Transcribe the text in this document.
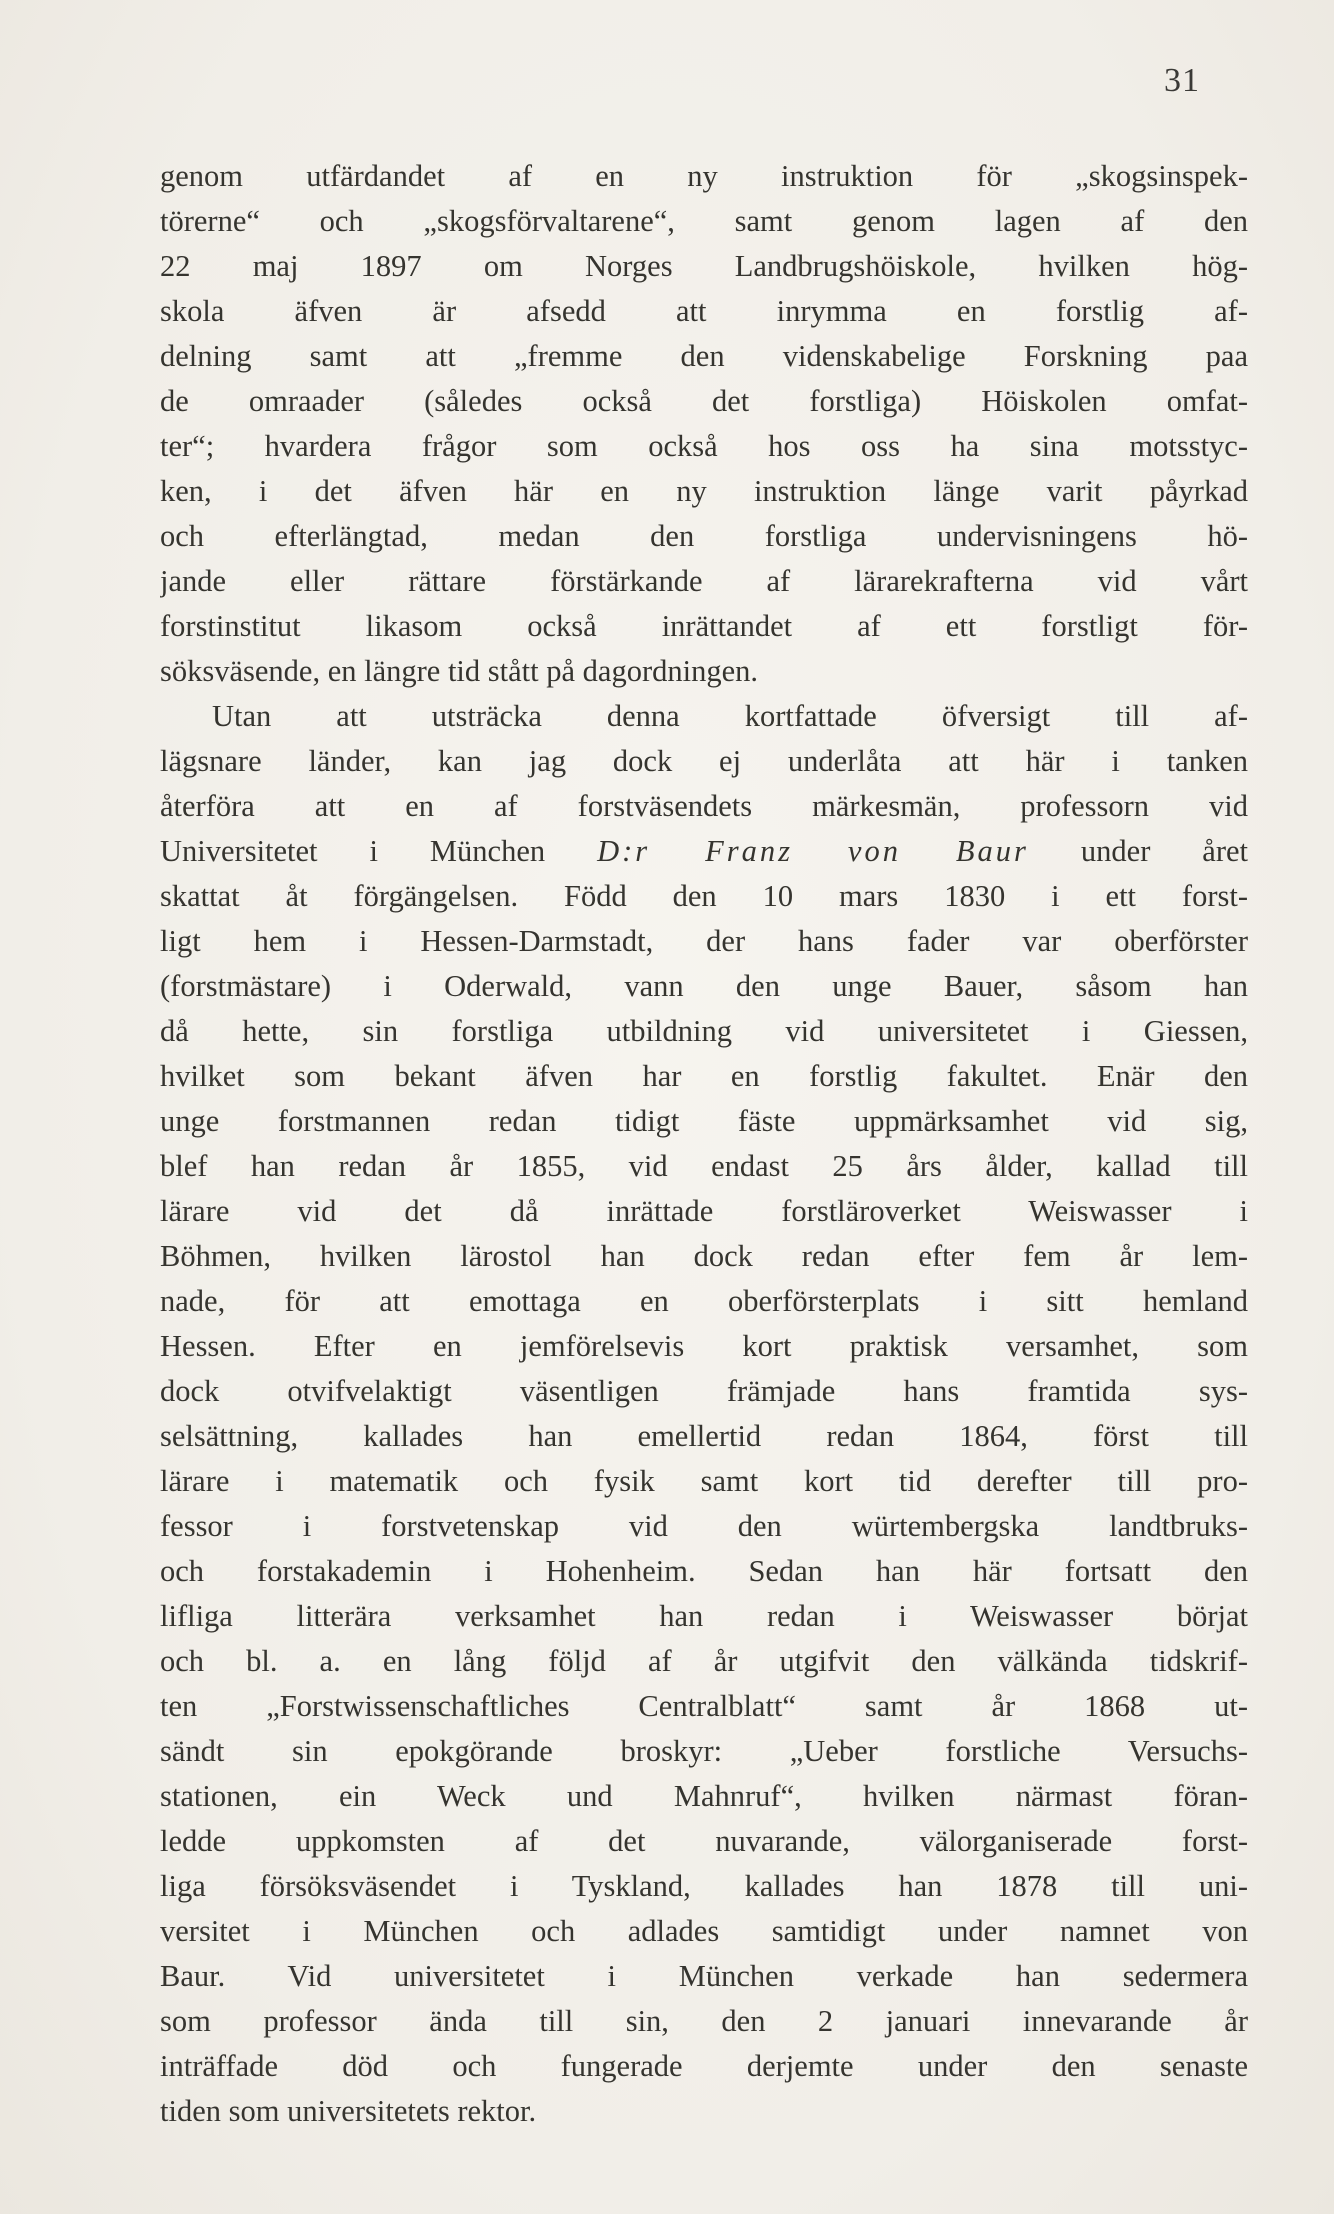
31
genom utfärdandet af en ny instruktion för „skogsinspek-
törerne“ och „skogsförvaltarene“, samt genom lagen af den
22 maj 1897 om Norges Landbrugshöiskole, hvilken hög-
skola äfven är afsedd att inrymma en forstlig af-
delning samt att „fremme den videnskabelige Forskning paa
de omraader (således också det forstliga) Höiskolen omfat-
ter“; hvardera frågor som också hos oss ha sina motsstyc-
ken, i det äfven här en ny instruktion länge varit påyrkad
och efterlängtad, medan den forstliga undervisningens hö-
jande eller rättare förstärkande af lärarekrafterna vid vårt
forstinstitut likasom också inrättandet af ett forstligt för-
söksväsende, en längre tid stått på dagordningen.
Utan att utsträcka denna kortfattade öfversigt till af-
lägsnare länder, kan jag dock ej underlåta att här i tanken
återföra att en af forstväsendets märkesmän, professorn vid
Universitetet i München D:r Franz von Baur under året
skattat åt förgängelsen. Född den 10 mars 1830 i ett forst-
ligt hem i Hessen-Darmstadt, der hans fader var oberförster
(forstmästare) i Oderwald, vann den unge Bauer, såsom han
då hette, sin forstliga utbildning vid universitetet i Giessen,
hvilket som bekant äfven har en forstlig fakultet. Enär den
unge forstmannen redan tidigt fäste uppmärksamhet vid sig,
blef han redan år 1855, vid endast 25 års ålder, kallad till
lärare vid det då inrättade forstläroverket Weiswasser i
Böhmen, hvilken lärostol han dock redan efter fem år lem-
nade, för att emottaga en oberförsterplats i sitt hemland
Hessen. Efter en jemförelsevis kort praktisk versamhet, som
dock otvifvelaktigt väsentligen främjade hans framtida sys-
selsättning, kallades han emellertid redan 1864, först till
lärare i matematik och fysik samt kort tid derefter till pro-
fessor i forstvetenskap vid den würtembergska landtbruks-
och forstakademin i Hohenheim. Sedan han här fortsatt den
lifliga litterära verksamhet han redan i Weiswasser börjat
och bl. a. en lång följd af år utgifvit den välkända tidskrif-
ten „Forstwissenschaftliches Centralblatt“ samt år 1868 ut-
sändt sin epokgörande broskyr: „Ueber forstliche Versuchs-
stationen, ein Weck und Mahnruf“, hvilken närmast föran-
ledde uppkomsten af det nuvarande, välorganiserade forst-
liga försöksväsendet i Tyskland, kallades han 1878 till uni-
versitet i München och adlades samtidigt under namnet von
Baur. Vid universitetet i München verkade han sedermera
som professor ända till sin, den 2 januari innevarande år
inträffade död och fungerade derjemte under den senaste
tiden som universitetets rektor.
